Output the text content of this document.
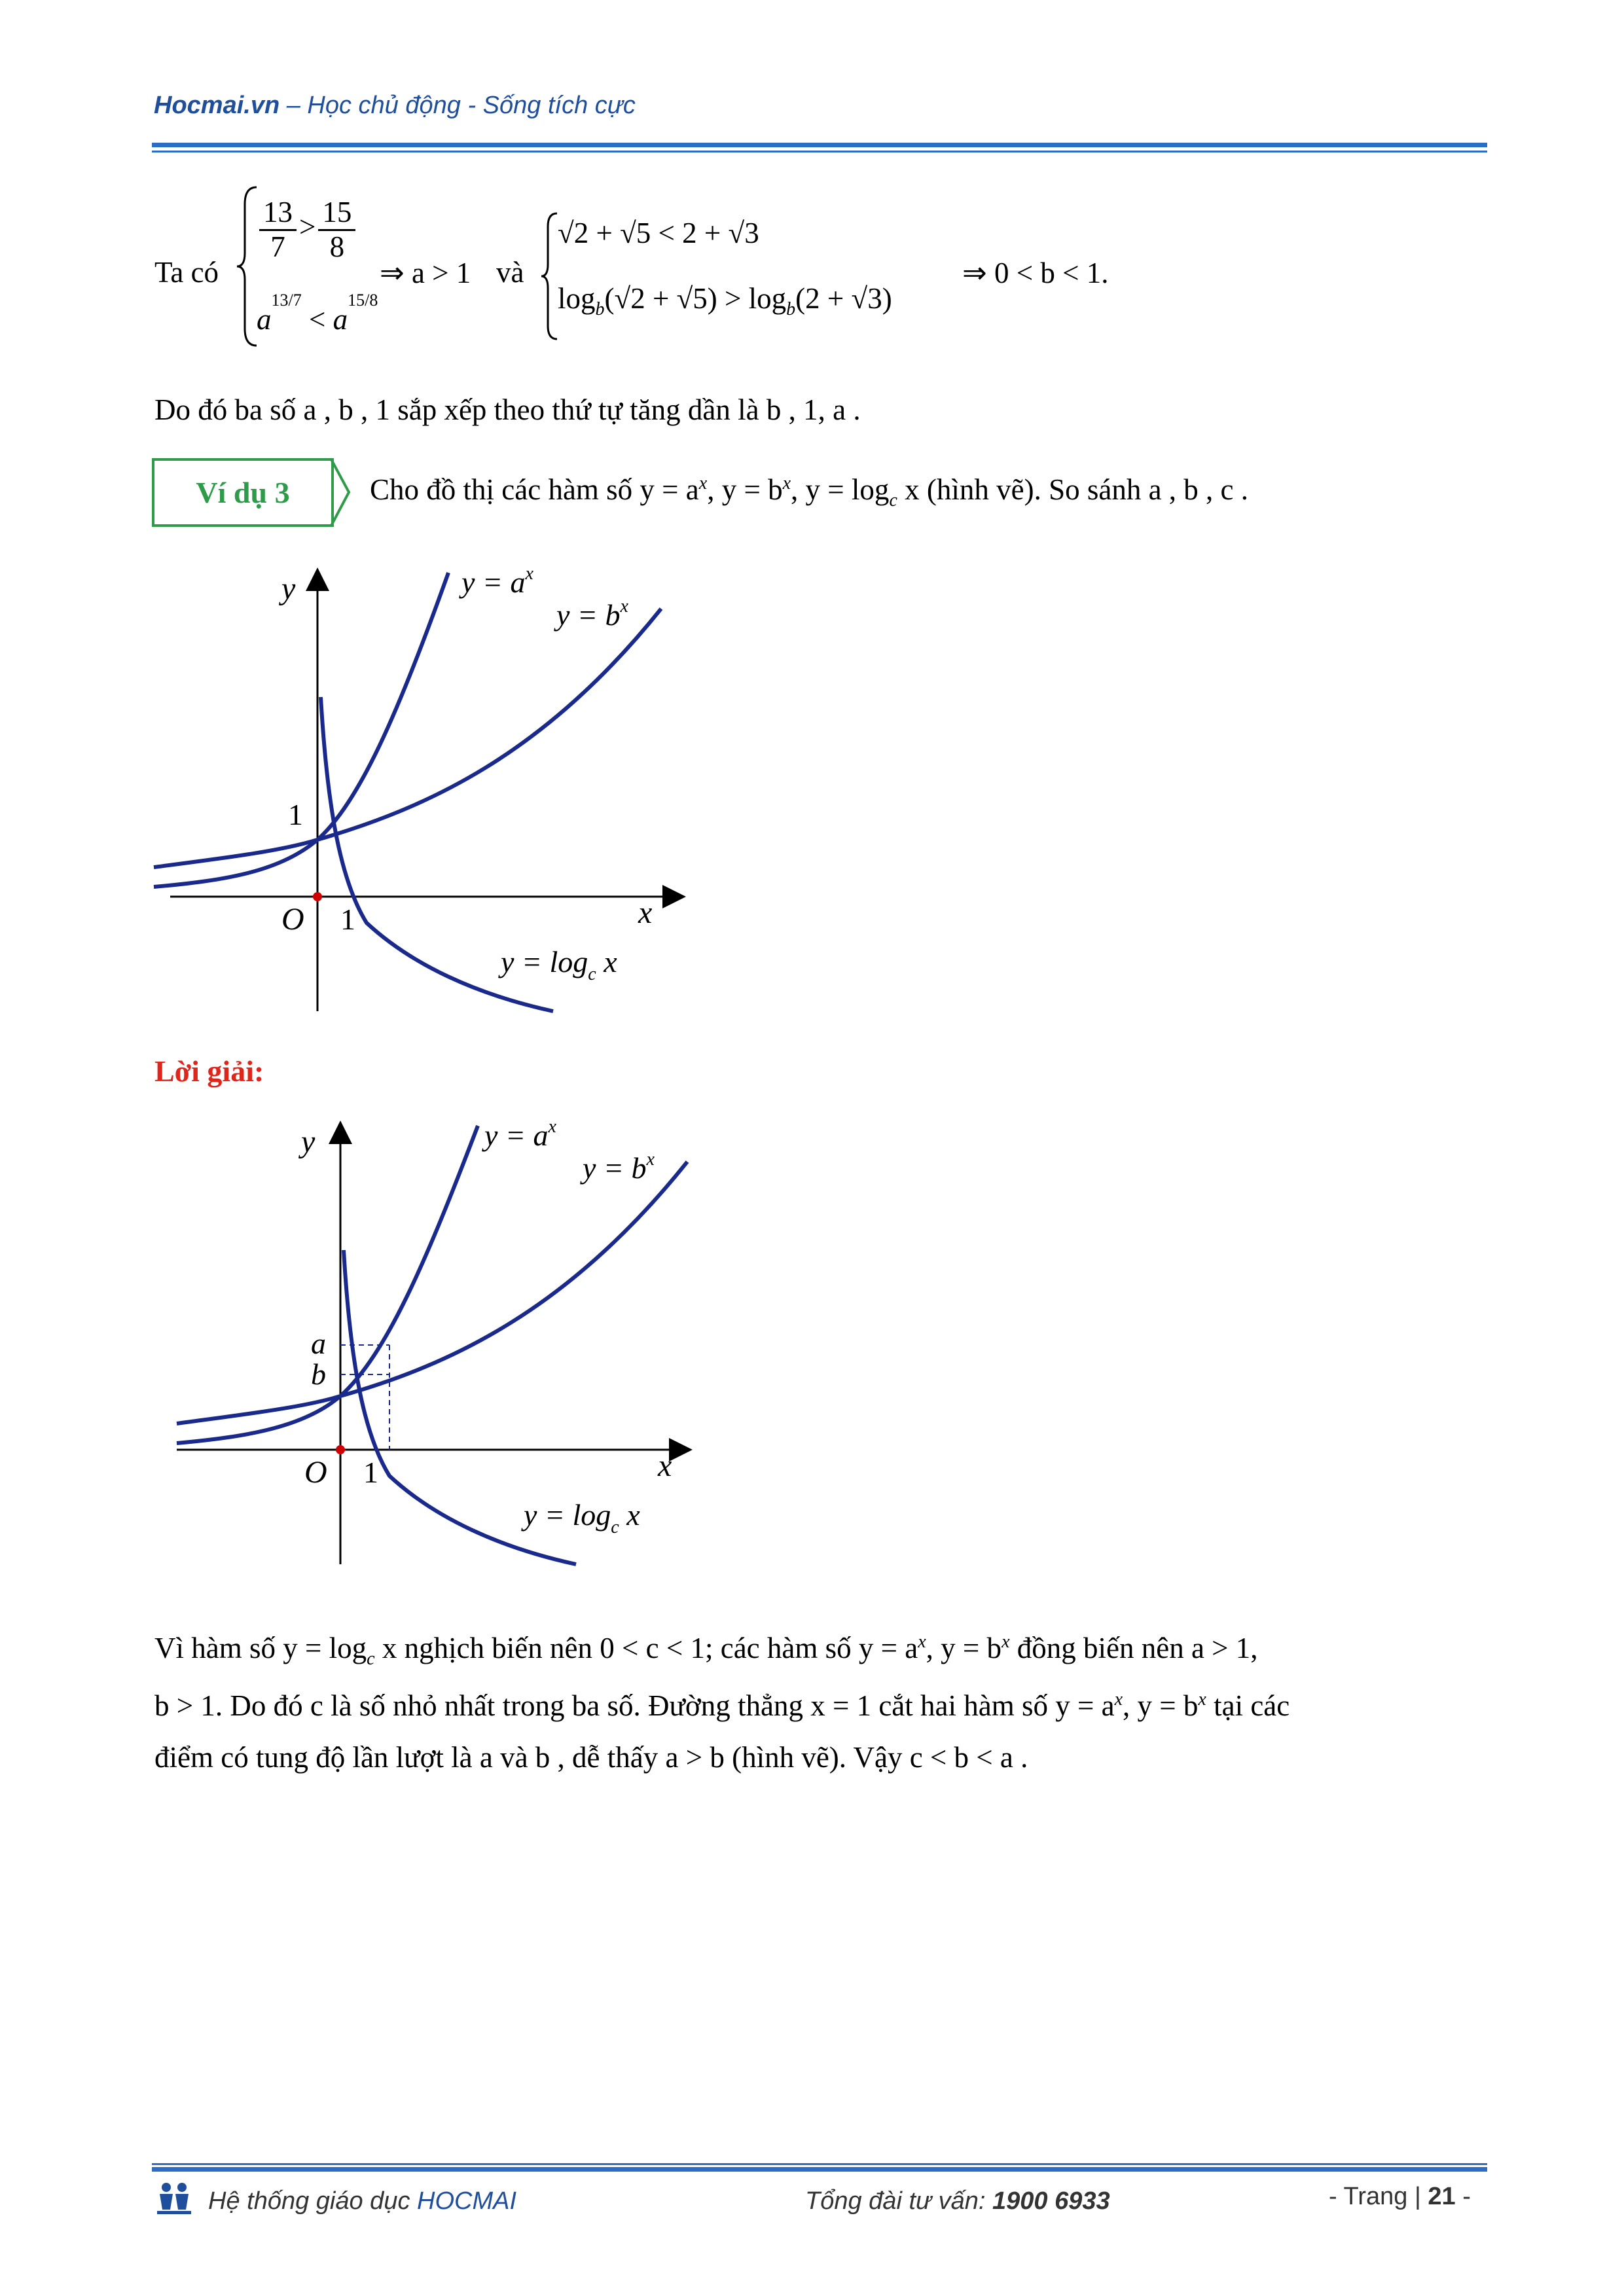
Hocmai.vn – Học chủ động - Sống tích cực
Ta có
$\frac{13}{7} > \frac{15}{8}$
$a^{13/7} < a^{15/8}$
⇒ a > 1 và
√2 + √5 < 2 + √3
$\log_b(√2 + √5) > \log_b(2 + √3)$
⇒ 0 < b < 1.
Do đó ba số a , b , 1 sắp xếp theo thứ tự tăng dần là b , 1, a .
Ví dụ 3	Cho đồ thị các hàm số $y = a^x$, $y = b^x$, $y = \log_c x$ (hình vẽ). So sánh a , b , c .
y
x
1
1
O
$y = a^x$
$y = b^x$
$y = \log_c x$
Lời giải:
y
x
a
b
1
O
$y = a^x$
$y = b^x$
$y = \log_c x$
Vì hàm số $y = \log_c x$ nghịch biến nên 0 < c < 1; các hàm số $y = a^x$, $y = b^x$ đồng biến nên a > 1,
b > 1. Do đó c là số nhỏ nhất trong ba số. Đường thẳng x = 1 cắt hai hàm số $y = a^x$, $y = b^x$ tại các
điểm có tung độ lần lượt là a và b , dễ thấy a > b (hình vẽ). Vậy c < b < a .
Hệ thống giáo dục HOCMAI	Tổng đài tư vấn: 1900 6933	- Trang | 21 -
